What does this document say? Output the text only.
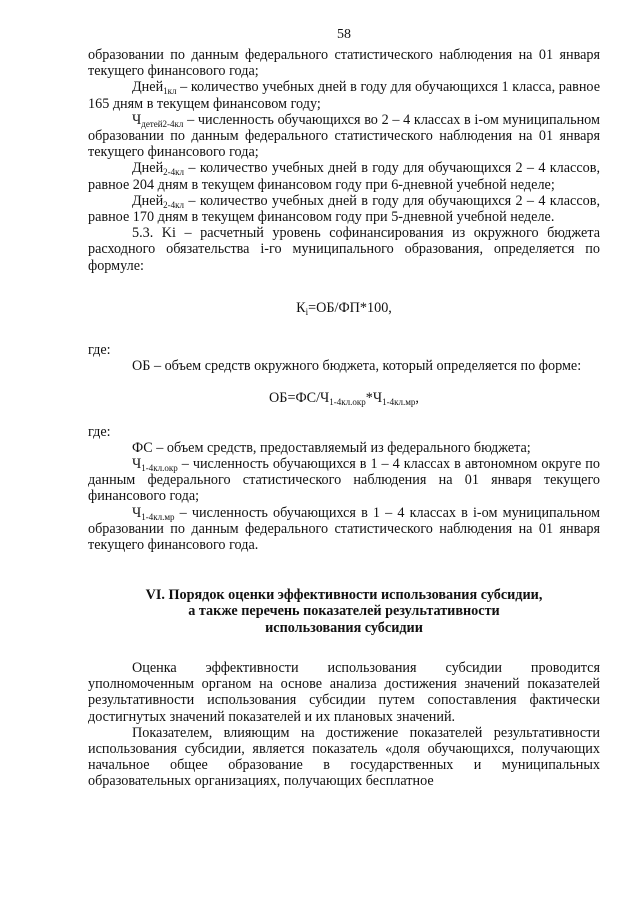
58

образовании по данным федерального статистического наблюдения на 01 января текущего финансового года;

Дней$_{1кл}$ – количество учебных дней в году для обучающихся 1 класса, равное 165 дням в текущем финансовом году;

$Ч_{детей2-4кл}$ – численность обучающихся во 2 – 4 классах в i-ом муниципальном образовании по данным федерального статистического наблюдения на 01 января текущего финансового года;

Дней$_{2-4кл}$ – количество учебных дней в году для обучающихся 2 – 4 классов, равное 204 дням в текущем финансовом году при 6-дневной учебной неделе;

Дней$_{2-4кл}$ – количество учебных дней в году для обучающихся 2 – 4 классов, равное 170 дням в текущем финансовом году при 5-дневной учебной неделе.

5.3. Ki – расчетный уровень софинансирования из окружного бюджета расходного обязательства i-го муниципального образования, определяется по формуле:

$К_i=ОБ/ФП*100$,

где:

ОБ – объем средств окружного бюджета, который определяется по форме:

$ОБ=ФС/Ч_{1-4кл.окр}*Ч_{1-4кл.мр}$,

где:

ФС – объем средств, предоставляемый из федерального бюджета;

$Ч_{1-4кл.окр}$ – численность обучающихся в 1 – 4 классах в автономном округе по данным федерального статистического наблюдения на 01 января текущего финансового года;

$Ч_{1-4кл.мр}$ – численность обучающихся в 1 – 4 классах в i-ом муниципальном образовании по данным федерального статистического наблюдения на 01 января текущего финансового года.

VI. Порядок оценки эффективности использования субсидии,
а также перечень показателей результативности
использования субсидии

Оценка эффективности использования субсидии проводится уполномоченным органом на основе анализа достижения значений показателей результативности использования субсидии путем сопоставления фактически достигнутых значений показателей и их плановых значений.

Показателем, влияющим на достижение показателей результативности использования субсидии, является показатель «доля обучающихся, получающих начальное общее образование в государственных и муниципальных образовательных организациях, получающих бесплатное
